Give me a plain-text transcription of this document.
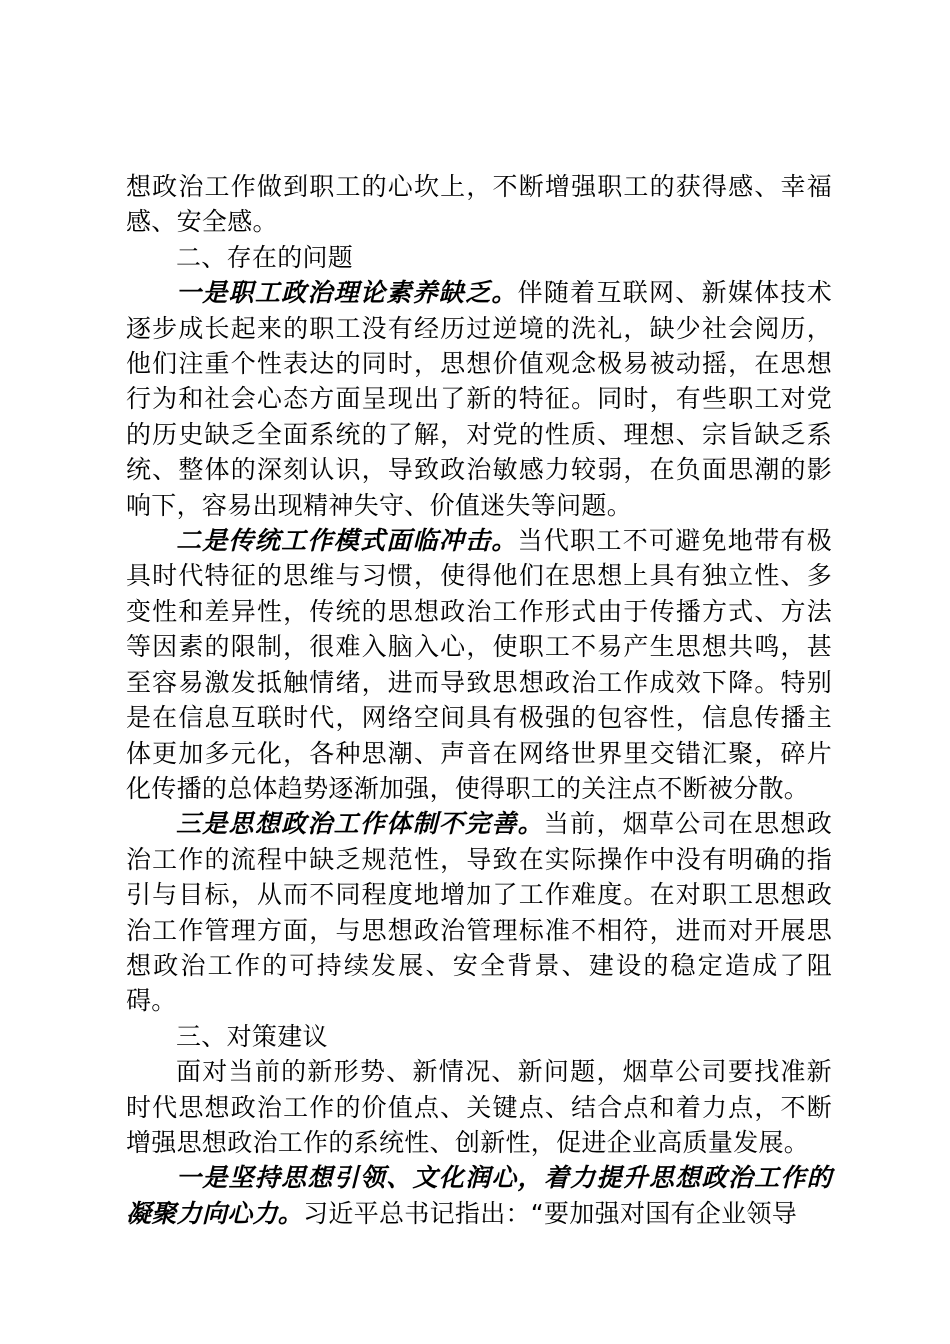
想政治工作做到职工的心坎上，不断增强职工的获得感、幸福感、安全感。

二、存在的问题

一是职工政治理论素养缺乏。伴随着互联网、新媒体技术逐步成长起来的职工没有经历过逆境的洗礼，缺少社会阅历，他们注重个性表达的同时，思想价值观念极易被动摇，在思想行为和社会心态方面呈现出了新的特征。同时，有些职工对党的历史缺乏全面系统的了解，对党的性质、理想、宗旨缺乏系统、整体的深刻认识，导致政治敏感力较弱，在负面思潮的影响下，容易出现精神失守、价值迷失等问题。

二是传统工作模式面临冲击。当代职工不可避免地带有极具时代特征的思维与习惯，使得他们在思想上具有独立性、多变性和差异性，传统的思想政治工作形式由于传播方式、方法等因素的限制，很难入脑入心，使职工不易产生思想共鸣，甚至容易激发抵触情绪，进而导致思想政治工作成效下降。特别是在信息互联时代，网络空间具有极强的包容性，信息传播主体更加多元化，各种思潮、声音在网络世界里交错汇聚，碎片化传播的总体趋势逐渐加强，使得职工的关注点不断被分散。

三是思想政治工作体制不完善。当前，烟草公司在思想政治工作的流程中缺乏规范性，导致在实际操作中没有明确的指引与目标，从而不同程度地增加了工作难度。在对职工思想政治工作管理方面，与思想政治管理标准不相符，进而对开展思想政治工作的可持续发展、安全背景、建设的稳定造成了阻碍。

三、对策建议

面对当前的新形势、新情况、新问题，烟草公司要找准新时代思想政治工作的价值点、关键点、结合点和着力点，不断增强思想政治工作的系统性、创新性，促进企业高质量发展。

一是坚持思想引领、文化润心，着力提升思想政治工作的凝聚力向心力。习近平总书记指出：“要加强对国有企业领导
